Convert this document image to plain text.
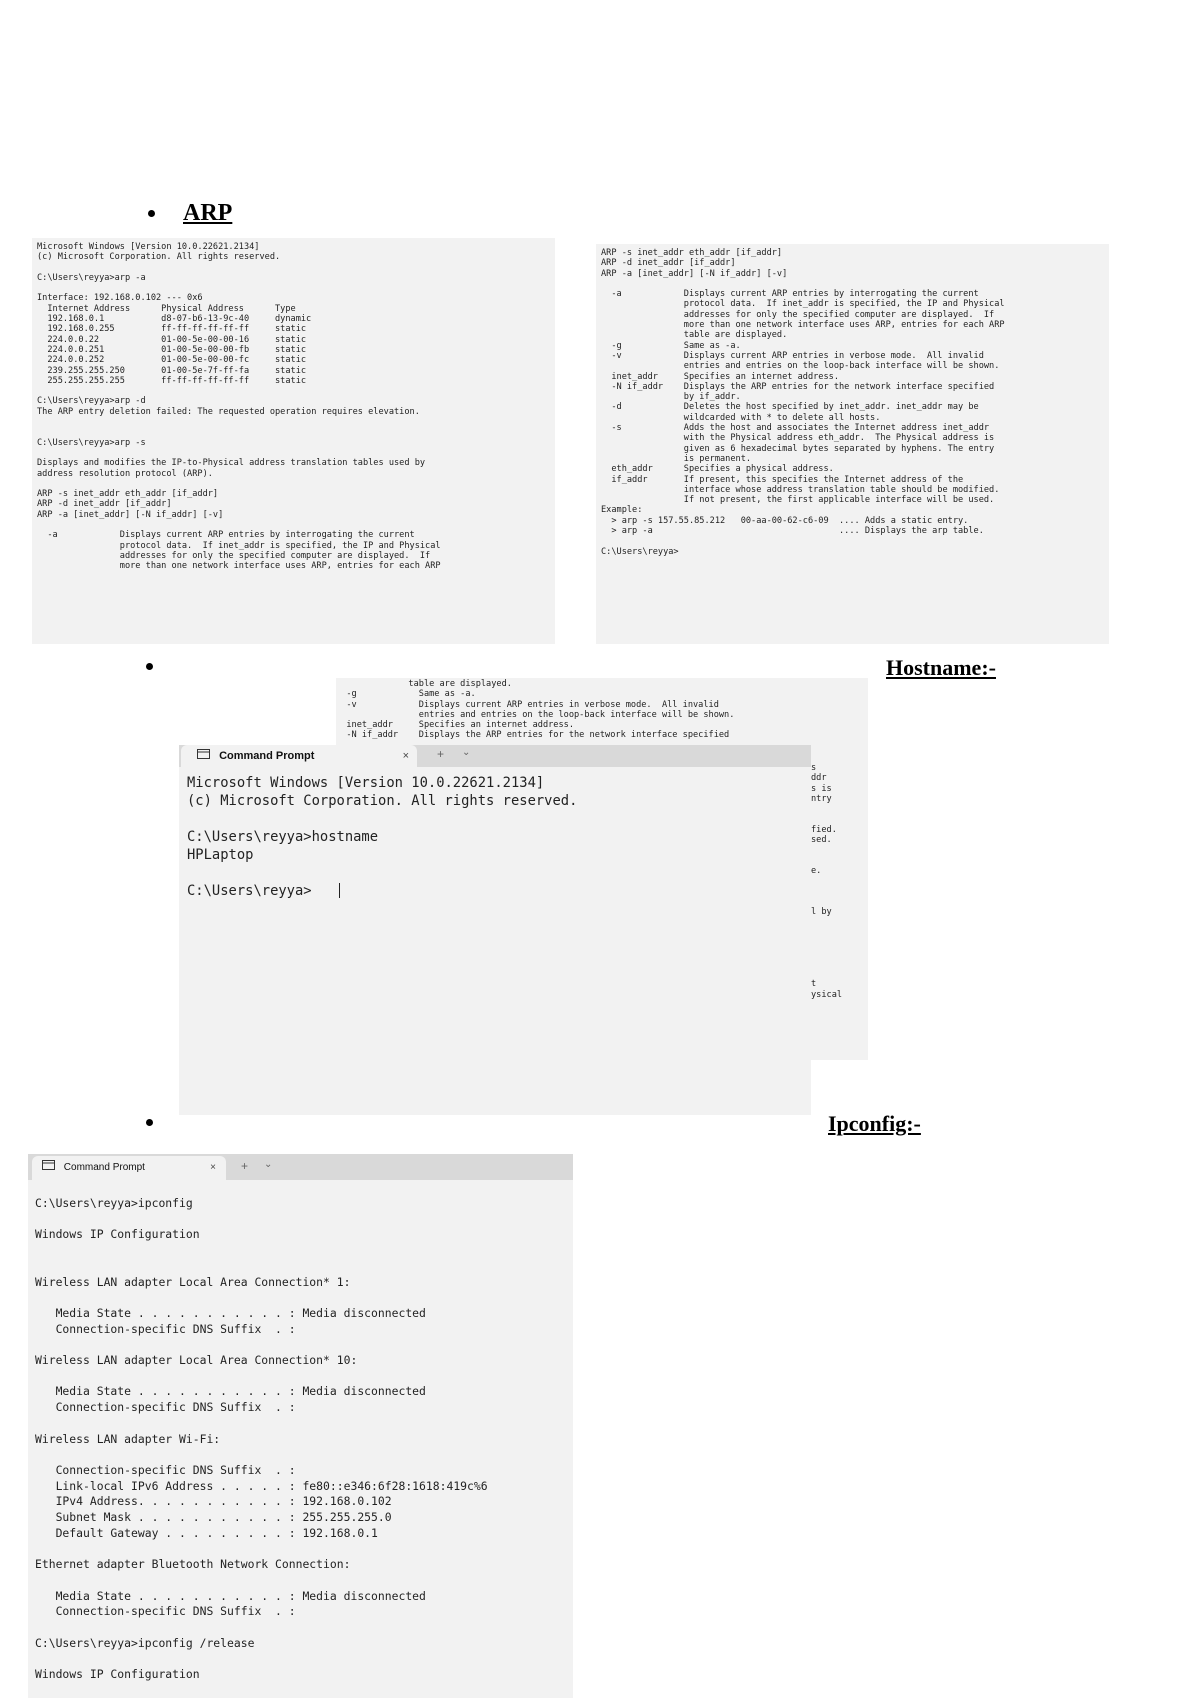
ARP

Microsoft Windows [Version 10.0.22621.2134]
(c) Microsoft Corporation. All rights reserved.

C:\Users\reyya>arp -a

Interface: 192.168.0.102 --- 0x6
Internet Address      Physical Address      Type
192.168.0.1           d8-07-b6-13-9c-40     dynamic
192.168.0.255         ff-ff-ff-ff-ff-ff     static
224.0.0.22            01-00-5e-00-00-16     static
224.0.0.251           01-00-5e-00-00-fb     static
224.0.0.252           01-00-5e-00-00-fc     static
239.255.255.250       01-00-5e-7f-ff-fa     static
255.255.255.255       ff-ff-ff-ff-ff-ff     static

C:\Users\reyya>arp -d
The ARP entry deletion failed: The requested operation requires elevation.

C:\Users\reyya>arp -s

Displays and modifies the IP-to-Physical address translation tables used by
address resolution protocol (ARP).

ARP -s inet_addr eth_addr [if_addr]
ARP -d inet_addr [if_addr]
ARP -a [inet_addr] [-N if_addr] [-v]

-a            Displays current ARP entries by interrogating the current
protocol data.  If inet_addr is specified, the IP and Physical
addresses for only the specified computer are displayed.  If
more than one network interface uses ARP, entries for each ARP

ARP -s inet_addr eth_addr [if_addr]
ARP -d inet_addr [if_addr]
ARP -a [inet_addr] [-N if_addr] [-v]

-a            Displays current ARP entries by interrogating the current
protocol data.  If inet_addr is specified, the IP and Physical
addresses for only the specified computer are displayed.  If
more than one network interface uses ARP, entries for each ARP
table are displayed.
-g            Same as -a.
-v            Displays current ARP entries in verbose mode.  All invalid
entries and entries on the loop-back interface will be shown.
inet_addr     Specifies an internet address.
-N if_addr    Displays the ARP entries for the network interface specified
by if_addr.
-d            Deletes the host specified by inet_addr. inet_addr may be
wildcarded with * to delete all hosts.
-s            Adds the host and associates the Internet address inet_addr
with the Physical address eth_addr.  The Physical address is
given as 6 hexadecimal bytes separated by hyphens. The entry
is permanent.
eth_addr      Specifies a physical address.
if_addr       If present, this specifies the Internet address of the
interface whose address translation table should be modified.
If not present, the first applicable interface will be used.
Example:
> arp -s 157.55.85.212   00-aa-00-62-c6-09  .... Adds a static entry.
> arp -a                                    .... Displays the arp table.

C:\Users\reyya>

Hostname:-

table are displayed.
-g            Same as -a.
-v            Displays current ARP entries in verbose mode.  All invalid
entries and entries on the loop-back interface will be shown.
inet_addr     Specifies an internet address.
-N if_addr    Displays the ARP entries for the network interface specified

s
ddr
s is
ntry

fied.
sed.

e.

l by

t
ysical

Command Prompt	×

+

⌄

Microsoft Windows [Version 10.0.22621.2134]
(c) Microsoft Corporation. All rights reserved.

C:\Users\reyya>hostname
HPLaptop

C:\Users\reyya>

Ipconfig:-

Command Prompt	×

+

⌄

C:\Users\reyya>ipconfig

Windows IP Configuration

Wireless LAN adapter Local Area Connection* 1:

Media State . . . . . . . . . . . : Media disconnected
Connection-specific DNS Suffix  . :

Wireless LAN adapter Local Area Connection* 10:

Media State . . . . . . . . . . . : Media disconnected
Connection-specific DNS Suffix  . :

Wireless LAN adapter Wi-Fi:

Connection-specific DNS Suffix  . :
Link-local IPv6 Address . . . . . : fe80::e346:6f28:1618:419c%6
IPv4 Address. . . . . . . . . . . : 192.168.0.102
Subnet Mask . . . . . . . . . . . : 255.255.255.0
Default Gateway . . . . . . . . . : 192.168.0.1

Ethernet adapter Bluetooth Network Connection:

Media State . . . . . . . . . . . : Media disconnected
Connection-specific DNS Suffix  . :

C:\Users\reyya>ipconfig /release

Windows IP Configuration
